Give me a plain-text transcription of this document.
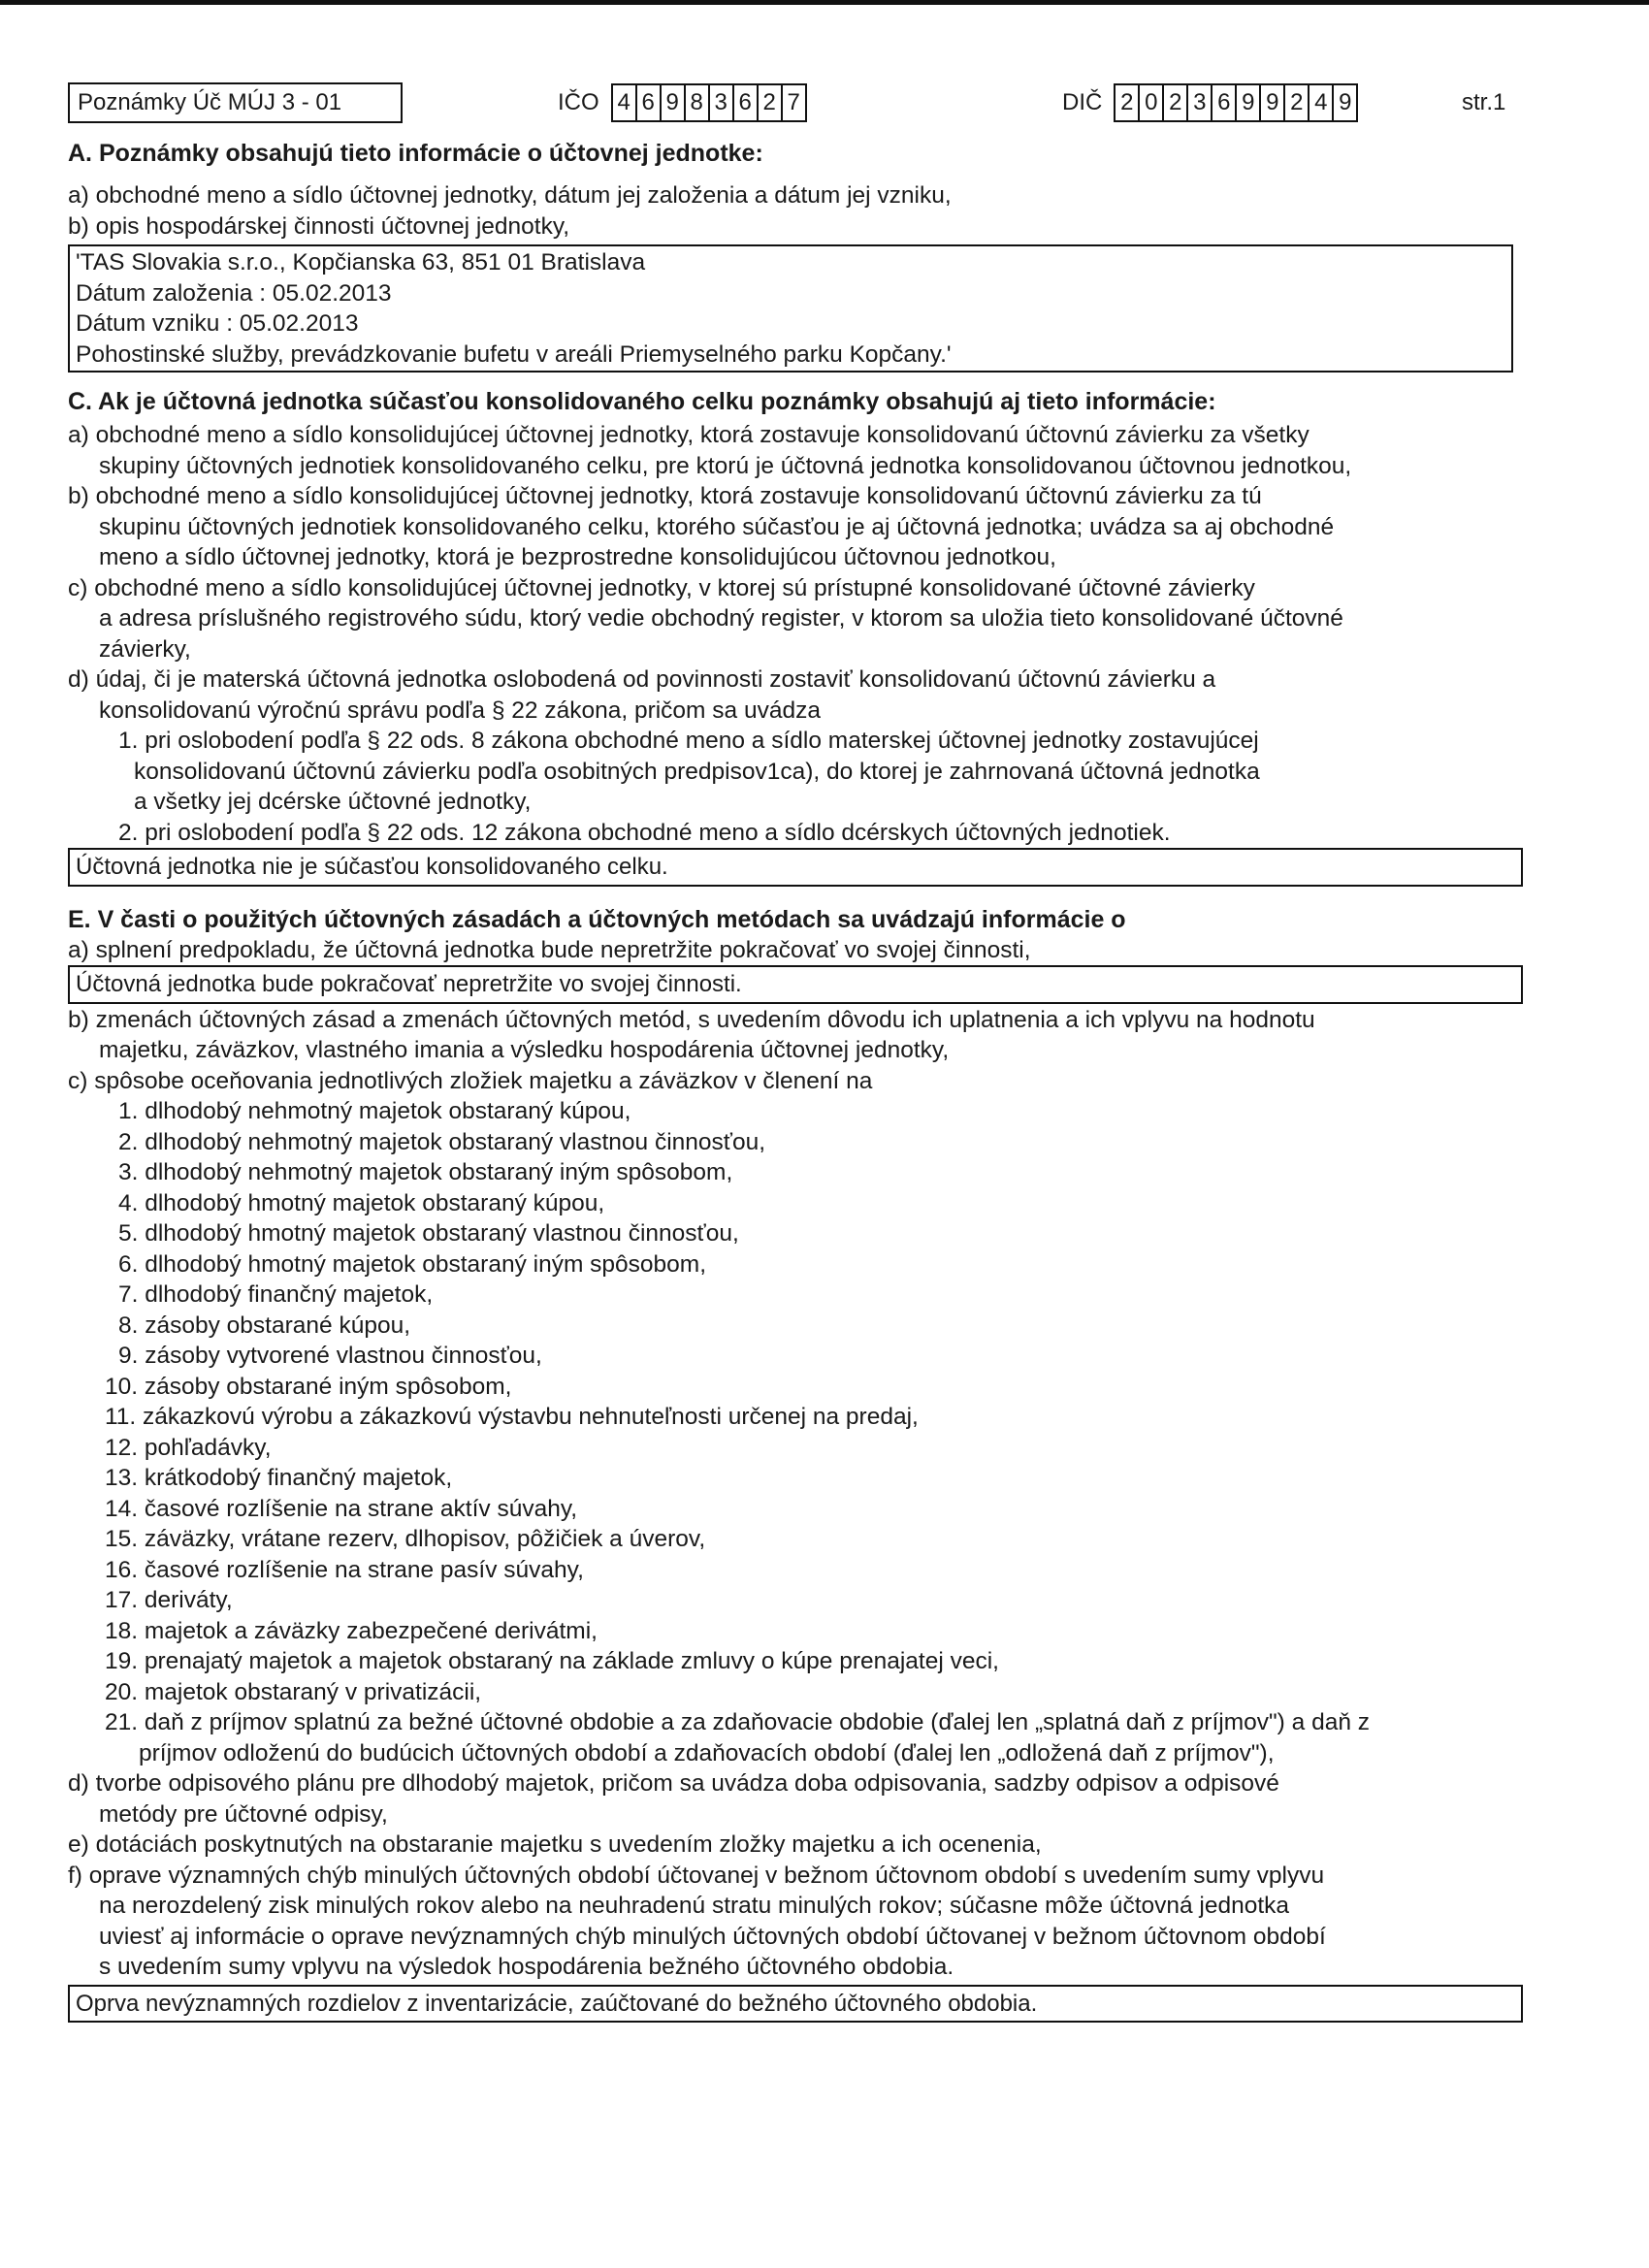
Poznámky Úč MÚJ 3 - 01	IČO 4 6 9 8 3 6 2 7	DIČ 2 0 2 3 6 9 9 2 4 9	str.1
A. Poznámky obsahujú tieto informácie o účtovnej jednotke:
a) obchodné meno a sídlo účtovnej jednotky, dátum jej založenia a dátum jej vzniku,
b) opis hospodárskej činnosti účtovnej jednotky,
'TAS Slovakia s.r.o., Kopčianska 63, 851 01 Bratislava
Dátum založenia : 05.02.2013
Dátum vzniku : 05.02.2013
Pohostinské služby, prevádzkovanie bufetu v areáli Priemyselného parku Kopčany.'
C. Ak je účtovná jednotka súčasťou konsolidovaného celku poznámky obsahujú aj tieto informácie:
a) obchodné meno a sídlo konsolidujúcej účtovnej jednotky, ktorá zostavuje konsolidovanú účtovnú závierku za všetky
skupiny účtovných jednotiek konsolidovaného celku, pre ktorú je účtovná jednotka konsolidovanou účtovnou jednotkou,
b) obchodné meno a sídlo konsolidujúcej účtovnej jednotky, ktorá zostavuje konsolidovanú účtovnú závierku za tú
skupinu účtovných jednotiek konsolidovaného celku, ktorého súčasťou je aj účtovná jednotka; uvádza sa aj obchodné
meno a sídlo účtovnej jednotky, ktorá je bezprostredne konsolidujúcou účtovnou jednotkou,
c) obchodné meno a sídlo konsolidujúcej účtovnej jednotky, v ktorej sú prístupné konsolidované účtovné závierky
a adresa príslušného registrového súdu, ktorý vedie obchodný register, v ktorom sa uložia tieto konsolidované účtovné
závierky,
d) údaj, či je materská účtovná jednotka oslobodená od povinnosti zostaviť konsolidovanú účtovnú závierku a
konsolidovanú výročnú správu podľa § 22 zákona, pričom sa uvádza
1. pri oslobodení podľa § 22 ods. 8 zákona obchodné meno a sídlo materskej účtovnej jednotky zostavujúcej
konsolidovanú účtovnú závierku podľa osobitných predpisov1ca), do ktorej je zahrnovaná účtovná jednotka
a všetky jej dcérske účtovné jednotky,
2. pri oslobodení podľa § 22 ods. 12 zákona obchodné meno a sídlo dcérskych účtovných jednotiek.
Účtovná jednotka nie je súčasťou konsolidovaného celku.
E. V časti o použitých účtovných zásadách a účtovných metódach sa uvádzajú informácie o
a) splnení predpokladu, že účtovná jednotka bude nepretržite pokračovať vo svojej činnosti,
Účtovná jednotka bude pokračovať nepretržite vo svojej činnosti.
b) zmenách účtovných zásad a zmenách účtovných metód, s uvedením dôvodu ich uplatnenia a ich vplyvu na hodnotu
majetku, záväzkov, vlastného imania a výsledku hospodárenia účtovnej jednotky,
c) spôsobe oceňovania jednotlivých zložiek majetku a záväzkov v členení na
1. dlhodobý nehmotný majetok obstaraný kúpou,
2. dlhodobý nehmotný majetok obstaraný vlastnou činnosťou,
3. dlhodobý nehmotný majetok obstaraný iným spôsobom,
4. dlhodobý hmotný majetok obstaraný kúpou,
5. dlhodobý hmotný majetok obstaraný vlastnou činnosťou,
6. dlhodobý hmotný majetok obstaraný iným spôsobom,
7. dlhodobý finančný majetok,
8. zásoby obstarané kúpou,
9. zásoby vytvorené vlastnou činnosťou,
10. zásoby obstarané iným spôsobom,
11. zákazkovú výrobu a zákazkovú výstavbu nehnuteľnosti určenej na predaj,
12. pohľadávky,
13. krátkodobý finančný majetok,
14. časové rozlíšenie na strane aktív súvahy,
15. záväzky, vrátane rezerv, dlhopisov, pôžičiek a úverov,
16. časové rozlíšenie na strane pasív súvahy,
17. deriváty,
18. majetok a záväzky zabezpečené derivátmi,
19. prenajatý majetok a majetok obstaraný na základe zmluvy o kúpe prenajatej veci,
20. majetok obstaraný v privatizácii,
21. daň z príjmov splatnú za bežné účtovné obdobie a za zdaňovacie obdobie (ďalej len „splatná daň z príjmov") a daň z
príjmov odloženú do budúcich účtovných období a zdaňovacích období (ďalej len „odložená daň z príjmov"),
d) tvorbe odpisového plánu pre dlhodobý majetok, pričom sa uvádza doba odpisovania, sadzby odpisov a odpisové
metódy pre účtovné odpisy,
e) dotáciách poskytnutých na obstaranie majetku s uvedením zložky majetku a ich ocenenia,
f) oprave významných chýb minulých účtovných období účtovanej v bežnom účtovnom období s uvedením sumy vplyvu
na nerozdelený zisk minulých rokov alebo na neuhradenú stratu minulých rokov; súčasne môže účtovná jednotka
uviesť aj informácie o oprave nevýznamných chýb minulých účtovných období účtovanej v bežnom účtovnom období
s uvedením sumy vplyvu na výsledok hospodárenia bežného účtovného obdobia.
Oprva nevýznamných rozdielov z inventarizácie, zaúčtované do bežného účtovného obdobia.
